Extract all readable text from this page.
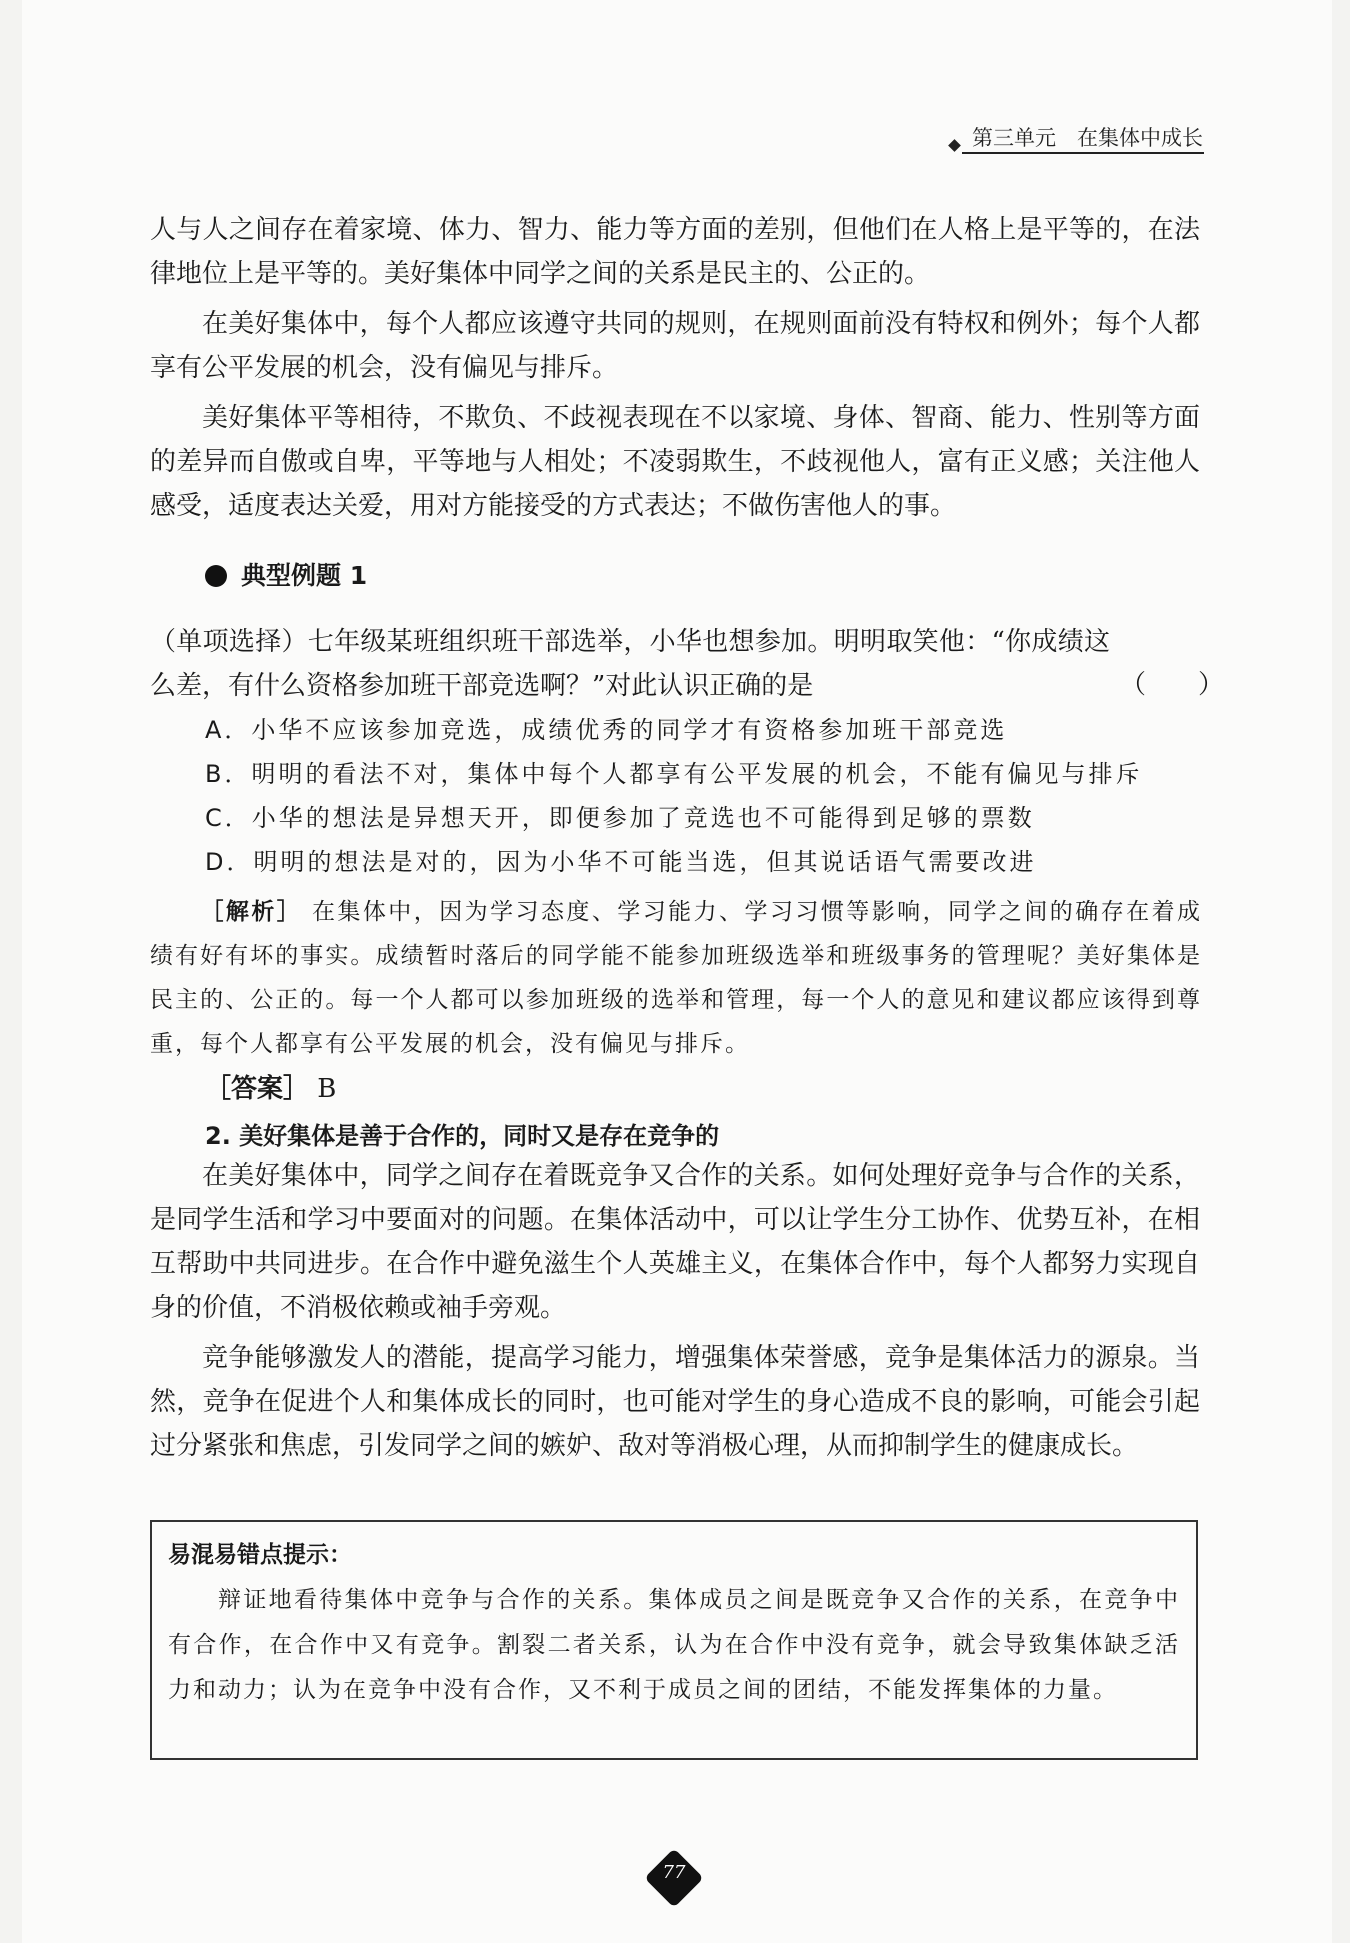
第三单元　在集体中成长

人与人之间存在着家境、体力、智力、能力等方面的差别，但他们在人格上是平等的，在法律地位上是平等的。美好集体中同学之间的关系是民主的、公正的。

在美好集体中，每个人都应该遵守共同的规则，在规则面前没有特权和例外；每个人都享有公平发展的机会，没有偏见与排斥。

美好集体平等相待，不欺负、不歧视表现在不以家境、身体、智商、能力、性别等方面的差异而自傲或自卑，平等地与人相处；不凌弱欺生，不歧视他人，富有正义感；关注他人感受，适度表达关爱，用对方能接受的方式表达；不做伤害他人的事。

典型例题 1

（单项选择）七年级某班组织班干部选举，小华也想参加。明明取笑他：“你成绩这么差，有什么资格参加班干部竞选啊？”对此认识正确的是	（　　）
A．小华不应该参加竞选，成绩优秀的同学才有资格参加班干部竞选
B．明明的看法不对，集体中每个人都享有公平发展的机会，不能有偏见与排斥
C．小华的想法是异想天开，即便参加了竞选也不可能得到足够的票数
D．明明的想法是对的，因为小华不可能当选，但其说话语气需要改进

［解析］ 在集体中，因为学习态度、学习能力、学习习惯等影响，同学之间的确存在着成绩有好有坏的事实。成绩暂时落后的同学能不能参加班级选举和班级事务的管理呢？美好集体是民主的、公正的。每一个人都可以参加班级的选举和管理，每一个人的意见和建议都应该得到尊重，每个人都享有公平发展的机会，没有偏见与排斥。

［答案］ B
2. 美好集体是善于合作的，同时又是存在竞争的

在美好集体中，同学之间存在着既竞争又合作的关系。如何处理好竞争与合作的关系，是同学生活和学习中要面对的问题。在集体活动中，可以让学生分工协作、优势互补，在相互帮助中共同进步。在合作中避免滋生个人英雄主义，在集体合作中，每个人都努力实现自身的价值，不消极依赖或袖手旁观。

竞争能够激发人的潜能，提高学习能力，增强集体荣誉感，竞争是集体活力的源泉。当然，竞争在促进个人和集体成长的同时，也可能对学生的身心造成不良的影响，可能会引起过分紧张和焦虑，引发同学之间的嫉妒、敌对等消极心理，从而抑制学生的健康成长。

易混易错点提示：

辩证地看待集体中竞争与合作的关系。集体成员之间是既竞争又合作的关系，在竞争中有合作，在合作中又有竞争。割裂二者关系，认为在合作中没有竞争，就会导致集体缺乏活力和动力；认为在竞争中没有合作，又不利于成员之间的团结，不能发挥集体的力量。

77
